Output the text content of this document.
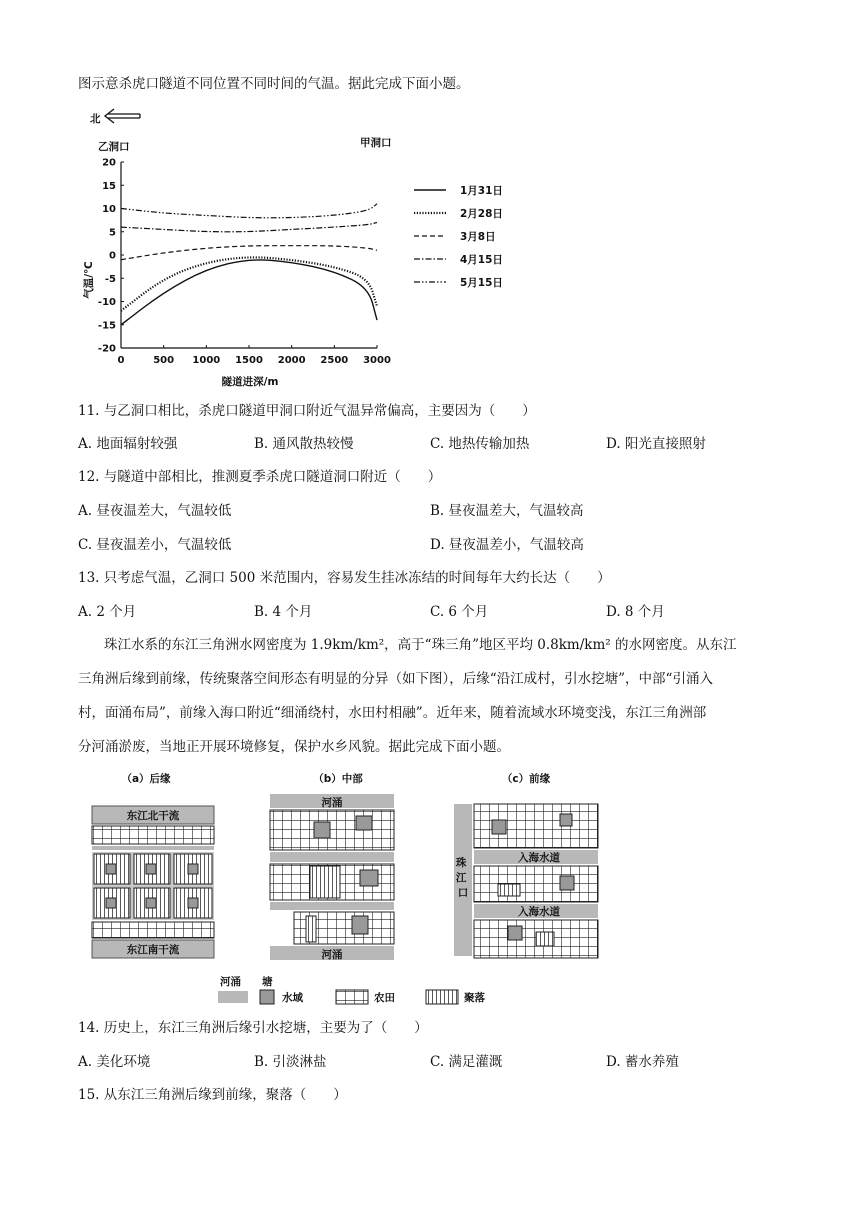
图示意杀虎口隧道不同位置不同时间的气温。据此完成下面小题。
北
乙洞口	甲洞口
20
15
10
5
0
-5
-10
-15
-20
0	500 1000 1500 2000 2500 3000
气温/℃
隧道进深/m
1月31日
2月28日
3月8日
4月15日
5月15日
11. 与乙洞口相比，杀虎口隧道甲洞口附近气温异常偏高，主要因为（　　）
A. 地面辐射较强	B. 通风散热较慢	C. 地热传输加热	D. 阳光直接照射
12. 与隧道中部相比，推测夏季杀虎口隧道洞口附近（　　）
A. 昼夜温差大，气温较低	B. 昼夜温差大，气温较高
C. 昼夜温差小，气温较低	D. 昼夜温差小，气温较高
13. 只考虑气温，乙洞口 500 米范围内，容易发生挂冰冻结的时间每年大约长达（　　）
A. 2 个月	B. 4 个月	C. 6 个月	D. 8 个月
珠江水系的东江三角洲水网密度为 1.9km/km²，高于“珠三角”地区平均 0.8km/km² 的水网密度。从东江
三角洲后缘到前缘，传统聚落空间形态有明显的分异（如下图），后缘“沿江成村，引水挖塘”，中部“引涌入
村，面涌布局”，前缘入海口附近“细涌绕村，水田村相融”。近年来，随着流域水环境变浅，东江三角洲部
分河涌淤废，当地正开展环境修复，保护水乡风貌。据此完成下面小题。
（a）后缘	（b）中部	（c）前缘
东江北干流
东江南干流
河涌
河涌
珠 江 口
入海水道
入海水道
河涌 塘
水域	农田	聚落
14. 历史上，东江三角洲后缘引水挖塘，主要为了（　　）
A. 美化环境	B. 引淡淋盐	C. 满足灌溉	D. 蓄水养殖
15. 从东江三角洲后缘到前缘，聚落（　　）
